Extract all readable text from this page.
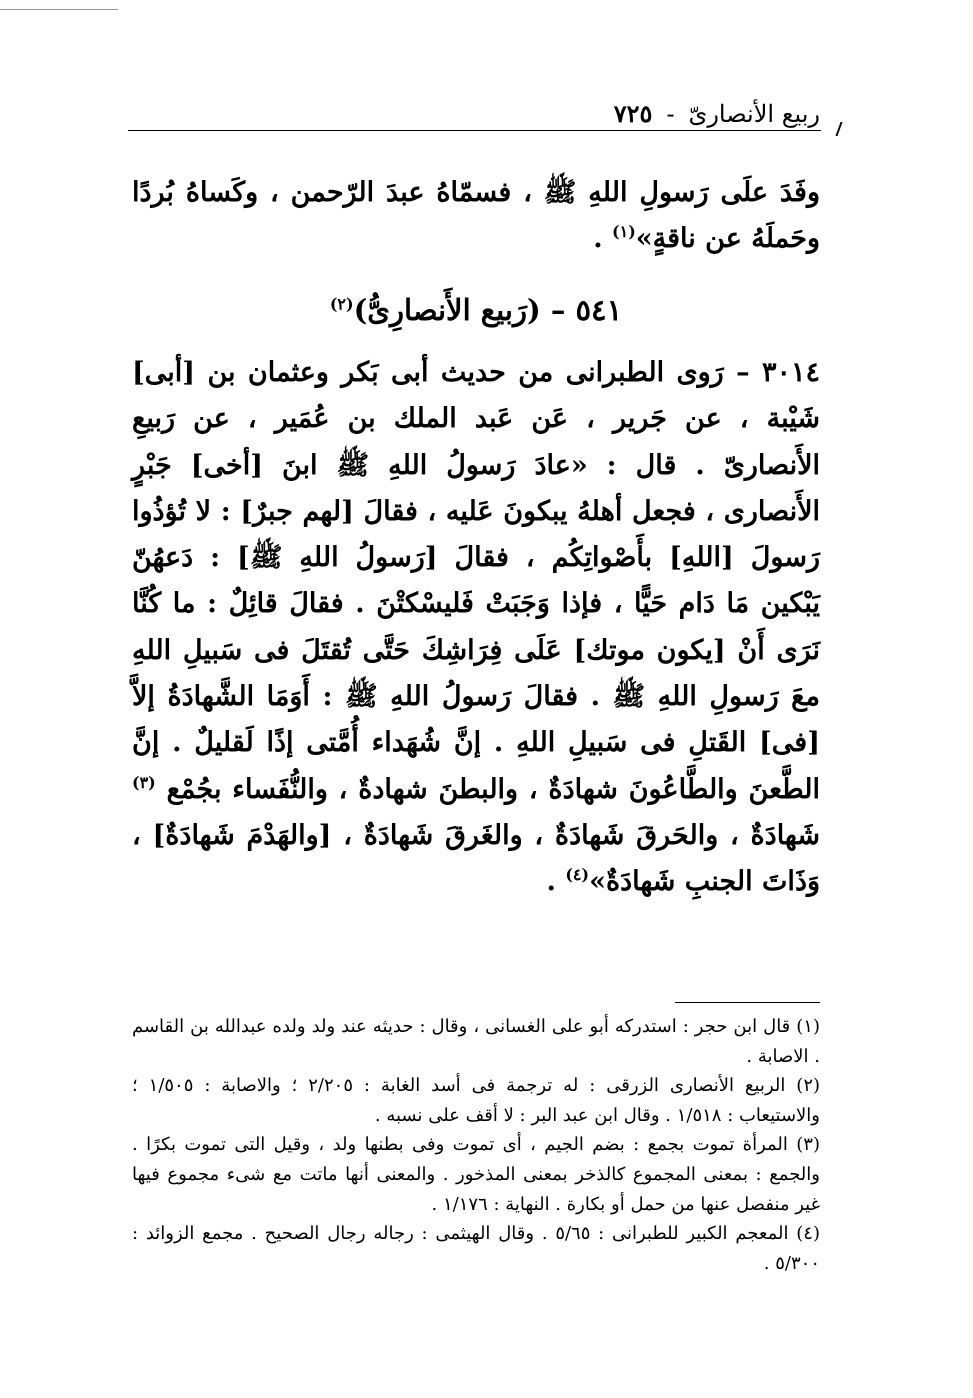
ربيع الأنصارىّ
-
٧٢٥
وفَدَ علَى رَسولِ اللهِ ﷺ ، فسمّاهُ عبدَ الرّحمن ، وكَساهُ بُردًا وحَملَهُ عن ناقةٍ»$^{(١)}$ .
٥٤١ – (رَبيع الأَنصارِىُّ)$^{(٢)}$
٣٠١٤ – رَوى الطبرانى من حديث أبى بَكر وعثمان بن [أبى] شَيْبة ، عن جَرير ، عَن عَبد الملك بن عُمَير ، عن رَبيعِ الأَنصارىّ . قال : «عادَ رَسولُ اللهِ ﷺ ابنَ [أخى] جَبْرٍ الأَنصارى ، فجعل أهلهُ يبكونَ عَليه ، فقالَ [لهم جبرٌ] : لا تُؤذُوا رَسولَ [اللهِ] بأَصْواتِكُم ، فقالَ [رَسولُ اللهِ ﷺ] : دَعهُنّ يَبْكين مَا دَام حَيًّا ، فإذا وَجَبَتْ فَليسْكتْنَ . فقالَ قائِلٌ : ما كُنَّا نَرَى أَنْ [يكون موتك] عَلَى فِرَاشِكَ حَتَّى تُقتَلَ فى سَبيلِ اللهِ معَ رَسولِ اللهِ ﷺ . فقالَ رَسولُ اللهِ ﷺ : أَوَمَا الشَّهادَةُ إلاَّ [فى] القَتلِ فى سَبيلِ اللهِ . إنَّ شُهَداء أُمَّتى إذًا لَقليلٌ . إنَّ الطَّعنَ والطَّاعُونَ شهادَةٌ ، والبطنَ شهادةٌ ، والنُّفَساء بجُمْع $^{(٣)}$ شَهادَةٌ ، والحَرقَ شَهادَةٌ ، والغَرقَ شَهادَةٌ ، [والهَدْمَ شَهادَةٌ] ، وَذَاتَ الجنبِ شَهادَةٌ»$^{(٤)}$ .

(١) قال ابن حجر : استدركه أبو على الغسانى ، وقال : حديثه عند ولد ولده عبدالله بن القاسم . الاصابة .

(٢) الربيع الأنصارى الزرقى : له ترجمة فى أسد الغابة : ٢/٢٠٥ ؛ والاصابة : ١/٥٠٥ ؛ والاستيعاب : ١/٥١٨ . وقال ابن عبد البر : لا أقف على نسبه .

(٣) المرأة تموت بجمع : بضم الجيم ، أى تموت وفى بطنها ولد ، وقيل التى تموت بكرًا . والجمع : بمعنى المجموع كالذخر بمعنى المذخور . والمعنى أنها ماتت مع شىء مجموع فيها غير منفصل عنها من حمل أو بكارة . النهاية : ١/١٧٦ .

(٤) المعجم الكبير للطبرانى : ٥/٦٥ . وقال الهيثمى : رجاله رجال الصحيح . مجمع الزوائد : ٥/٣٠٠ .
